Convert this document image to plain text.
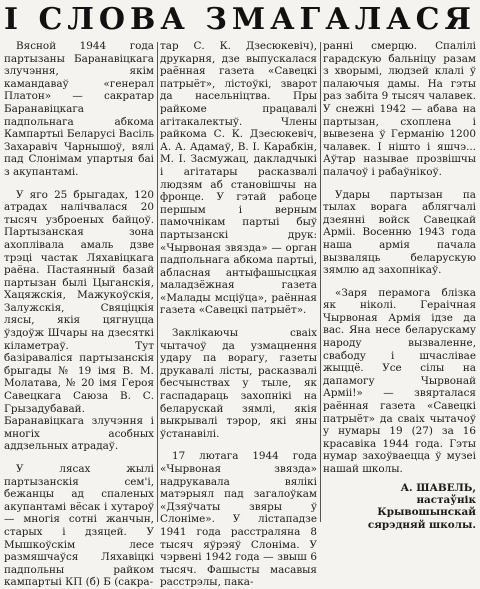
І СЛОВА ЗМАГАЛАСЯ

Вясной 1944 года партызаны Баранавіцкага злучэння, якім камандаваў «генерал Платон» — сакратар Баранавіцкага падпольнага абкома Кампартыі Беларусі Васіль Захаравіч Чарнышоў, вялі пад Слонімам упартыя баі з акупантамі.

У яго 25 брыгадах, 120 атрадах налічвалася 20 тысяч узброеных байцоў. Партызанская зона ахоплівала амаль дзве трэці частак Ляхавіцкага раёна. Пастаянный базай партызан былі Цыганскія, Хацяжскія, Мажукоўскія, Залужскія, Свяціцкія лясы, якія цягнуцца ўздоўж Шчары на дзесяткі кіламетраў. Тут базіраваліся партызанскія брыгады № 19 імя В. М. Молатава, № 20 імя Героя Савецкага Саюза В. С. Грызадубавай. Баранавіцкага злучэння і многіх асобных аддзельных атрадаў.

У лясах жылі партызанскія сем'і, бежанцы ад спаленых акупантамі вёсак і хутароў — многія сотні жанчын, старых і дзяцей. У Мышкоўскім лесе размяшчаўся Ляхавіцкі падпольны райком кампартыі КП (б) Б (сакра-

тар С. К. Дзесюкевіч), друкарня, дзе выпускалася раённая газета «Савецкі патрыёт», лістоўкі, зварот да насельніцтва. Пры райкоме працавалі агітакалектыў. Члены райкома С. К. Дзесюкевіч, А. А. Адамаў, В. І. Карабкін, М. І. Засмужац, дакладчыкі і агітатары расказвалі людзям аб становішчы на фронце. У гэтай рабоце першым і верным памочнікам партыі быў партызанскі друк: «Чырвоная звязда» — орган падпольнага абкома партыі, абласная антыфашысцкая маладзёжная газета «Малады мсціўца», раённая газета «Савецкі патрыёт».

Заклікаючы сваіх чытачоў да узмацнення удару па ворагу, газеты друкавалі лісты, расказвалі бесчынствах у тыле, як гаспадараць захопнікі на беларускай зямлі, якія выкрывалі тэрор, які яны ўстанавілі.

17 лютага 1944 года «Чырвоная звязда» надрукавала вялікі матэрыял пад загалоўкам «Дзяўчаты звяры ў Слоніме». У лістападзе 1941 года расстраляна 8 тысяч яўрэяў Слоніма. У чэрвені 1942 года — звыш 6 тысяч. Фашысты масавыя расстрэлы, пака-

ранні смерцю. Спалілі гарадскую бальніцу разам з хворымі, людзей клалі ў палаючыя дамы. На гэты раз забіта 9 тысяч чалавек. У снежні 1942 — абава на партызан, схоплена і вывезена ў Германію 1200 чалавек. І нішто і яшчэ... Аўтар называе прозвішчы палачоў і рабаўнікоў.

Удары партызан па тылах ворага аблягчалі дзеянні войск Савецкай Арміі. Восенню 1943 года наша армія пачала вызваляць беларускую зямлю ад захопнікаў.

«Заря перамога блізка як ніколі. Гераічная Чырвоная Армія ідзе да вас. Яна несе беларускаму народу вызваленне, свабоду і шчаслівае жыццё. Усе сілы на дапамогу Чырвонай Арміі!» — звярталася раённая газета «Савецкі патрыёт» да сваіх чытачоў у нумары 19 (27) за 16 красавіка 1944 года. Гэты нумар захоўваецца ў музеі нашай школы.

А. ШАВЕЛЬ,
настаўнік Крывошынскай сярэдняй школы.
